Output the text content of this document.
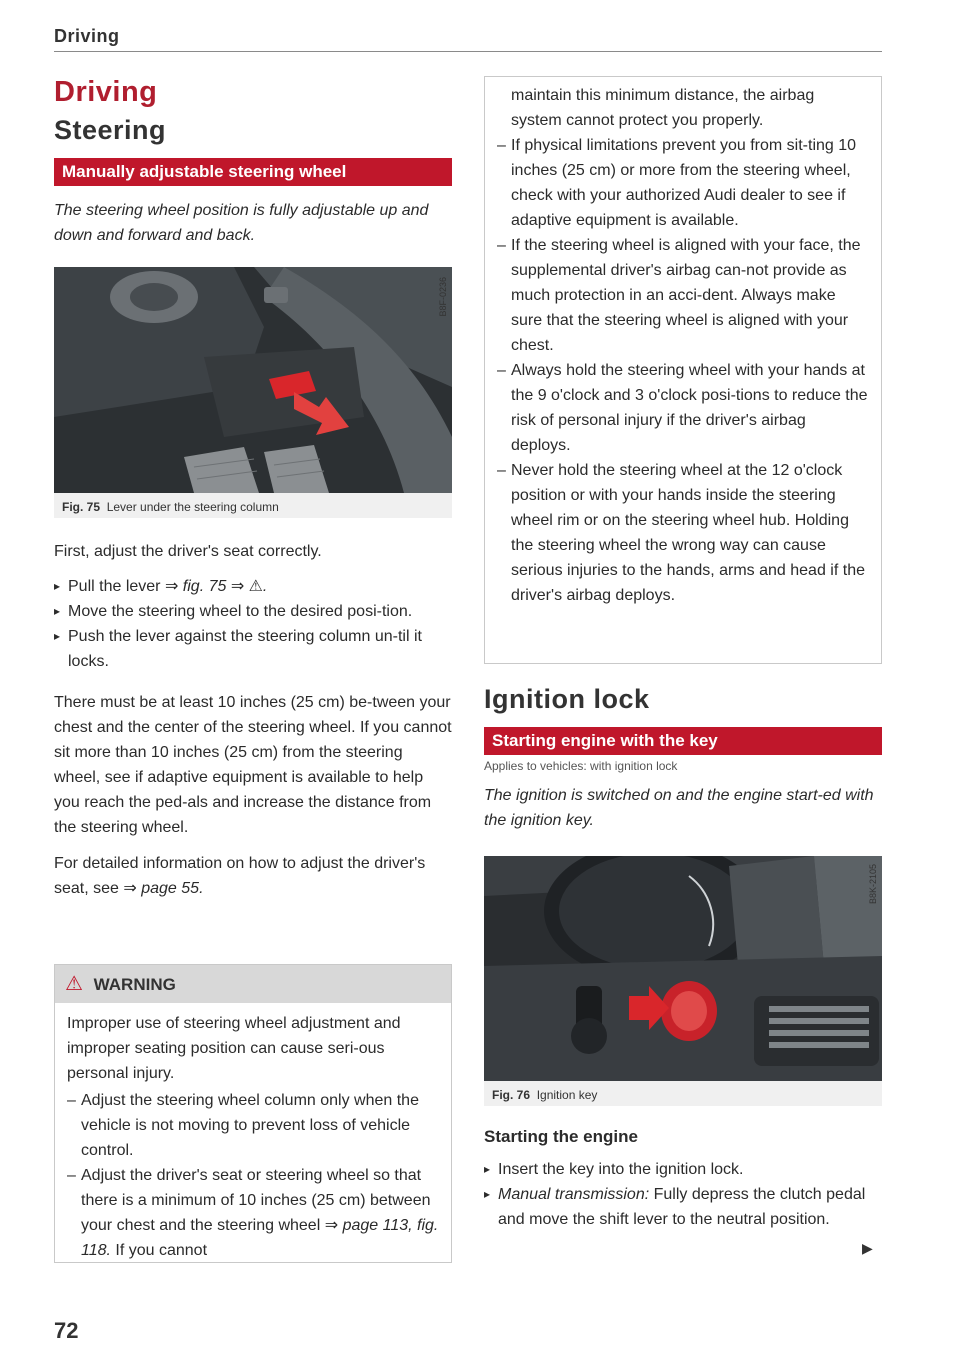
Driving
Driving
Steering
Manually adjustable steering wheel

The steering wheel position is fully adjustable up and down and forward and back.

B8F-0236
Fig. 75 Lever under the steering column

First, adjust the driver's seat correctly.

▸ Pull the lever ⇒ fig. 75 ⇒ ⚠.
▸ Move the steering wheel to the desired posi-tion.
▸ Push the lever against the steering column un-til it locks.

There must be at least 10 inches (25 cm) be-tween your chest and the center of the steering wheel. If you cannot sit more than 10 inches (25 cm) from the steering wheel, see if adaptive equipment is available to help you reach the ped-als and increase the distance from the steering wheel.

For detailed information on how to adjust the driver's seat, see ⇒ page 55.

⚠ WARNING

Improper use of steering wheel adjustment and improper seating position can cause seri-ous personal injury.

– Adjust the steering wheel column only when the vehicle is not moving to prevent loss of vehicle control.
– Adjust the driver's seat or steering wheel so that there is a minimum of 10 inches (25 cm) between your chest and the steering wheel ⇒ page 113, fig. 118. If you cannot
72

maintain this minimum distance, the airbag system cannot protect you properly.

– If physical limitations prevent you from sit-ting 10 inches (25 cm) or more from the steering wheel, check with your authorized Audi dealer to see if adaptive equipment is available.
– If the steering wheel is aligned with your face, the supplemental driver's airbag can-not provide as much protection in an acci-dent. Always make sure that the steering wheel is aligned with your chest.
– Always hold the steering wheel with your hands at the 9 o'clock and 3 o'clock posi-tions to reduce the risk of personal injury if the driver's airbag deploys.
– Never hold the steering wheel at the 12 o'clock position or with your hands inside the steering wheel rim or on the steering wheel hub. Holding the steering wheel the wrong way can cause serious injuries to the hands, arms and head if the driver's airbag deploys.
Ignition lock
Starting engine with the key
Applies to vehicles: with ignition lock

The ignition is switched on and the engine start-ed with the ignition key.

B8K-2105
Fig. 76 Ignition key
Starting the engine
▸ Insert the key into the ignition lock.
▸ Manual transmission: Fully depress the clutch pedal and move the shift lever to the neutral position.
▶
